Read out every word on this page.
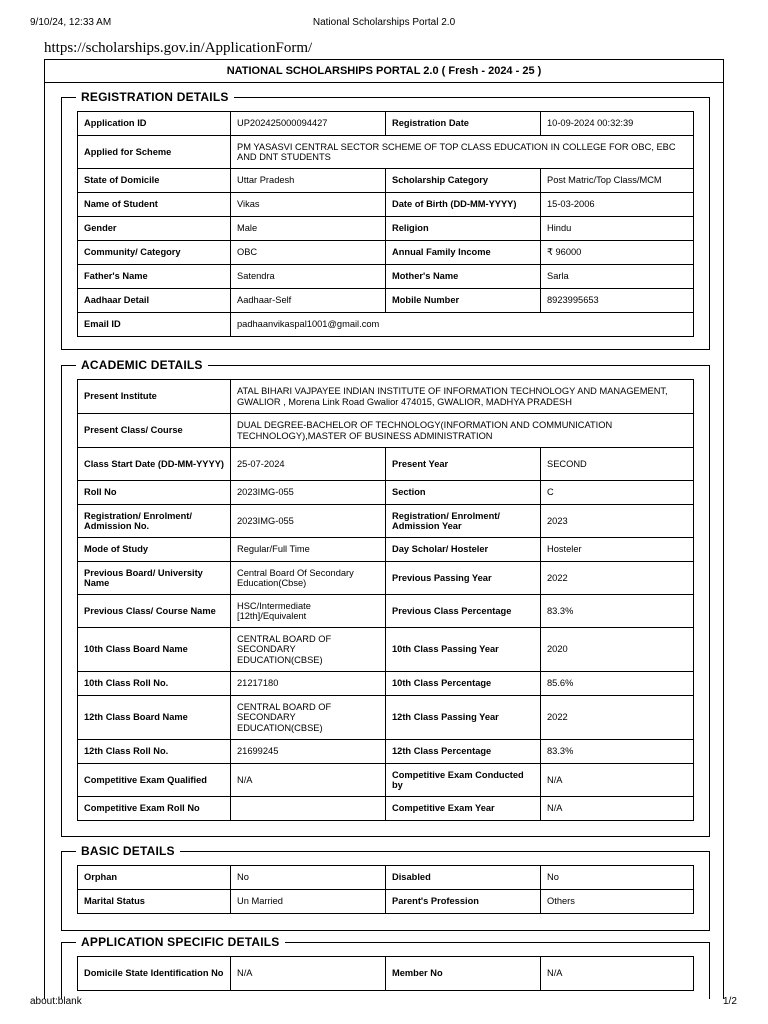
9/10/24, 12:33 AM	National Scholarships Portal 2.0
https://scholarships.gov.in/ApplicationForm/
NATIONAL SCHOLARSHIPS PORTAL 2.0 ( Fresh - 2024 - 25 )
REGISTRATION DETAILS
Application ID	UP202425000094427	Registration Date	10-09-2024 00:32:39
Applied for Scheme	PM YASASVI CENTRAL SECTOR SCHEME OF TOP CLASS EDUCATION IN COLLEGE FOR OBC, EBC AND DNT STUDENTS		
State of Domicile	Uttar Pradesh	Scholarship Category	Post Matric/Top Class/MCM
Name of Student	Vikas	Date of Birth (DD-MM-YYYY)	15-03-2006
Gender	Male	Religion	Hindu
Community/ Category	OBC	Annual Family Income	₹ 96000
Father's Name	Satendra	Mother's Name	Sarla
Aadhaar Detail	Aadhaar-Self	Mobile Number	8923995653
Email ID	padhaanvikaspal1001@gmail.com		
ACADEMIC DETAILS
Present Institute	ATAL BIHARI VAJPAYEE INDIAN INSTITUTE OF INFORMATION TECHNOLOGY AND MANAGEMENT, GWALIOR , Morena Link Road Gwalior 474015, GWALIOR, MADHYA PRADESH		
Present Class/ Course	DUAL DEGREE-BACHELOR OF TECHNOLOGY(INFORMATION AND COMMUNICATION TECHNOLOGY),MASTER OF BUSINESS ADMINISTRATION		
Class Start Date (DD-MM-YYYY)	25-07-2024	Present Year	SECOND
Roll No	2023IMG-055	Section	C
Registration/ Enrolment/ Admission No.	2023IMG-055	Registration/ Enrolment/ Admission Year	2023
Mode of Study	Regular/Full Time	Day Scholar/ Hosteler	Hosteler
Previous Board/ University Name	Central Board Of Secondary Education(Cbse)	Previous Passing Year	2022
Previous Class/ Course Name	HSC/Intermediate [12th]/Equivalent	Previous Class Percentage	83.3%
10th Class Board Name	CENTRAL BOARD OF SECONDARY EDUCATION(CBSE)	10th Class Passing Year	2020
10th Class Roll No.	21217180	10th Class Percentage	85.6%
12th Class Board Name	CENTRAL BOARD OF SECONDARY EDUCATION(CBSE)	12th Class Passing Year	2022
12th Class Roll No.	21699245	12th Class Percentage	83.3%
Competitive Exam Qualified	N/A	Competitive Exam Conducted by	N/A
Competitive Exam Roll No		Competitive Exam Year	N/A
BASIC DETAILS
Orphan	No	Disabled	No
Marital Status	Un Married	Parent's Profession	Others
APPLICATION SPECIFIC DETAILS
Domicile State Identification No	N/A	Member No	N/A
about:blank	1/2
